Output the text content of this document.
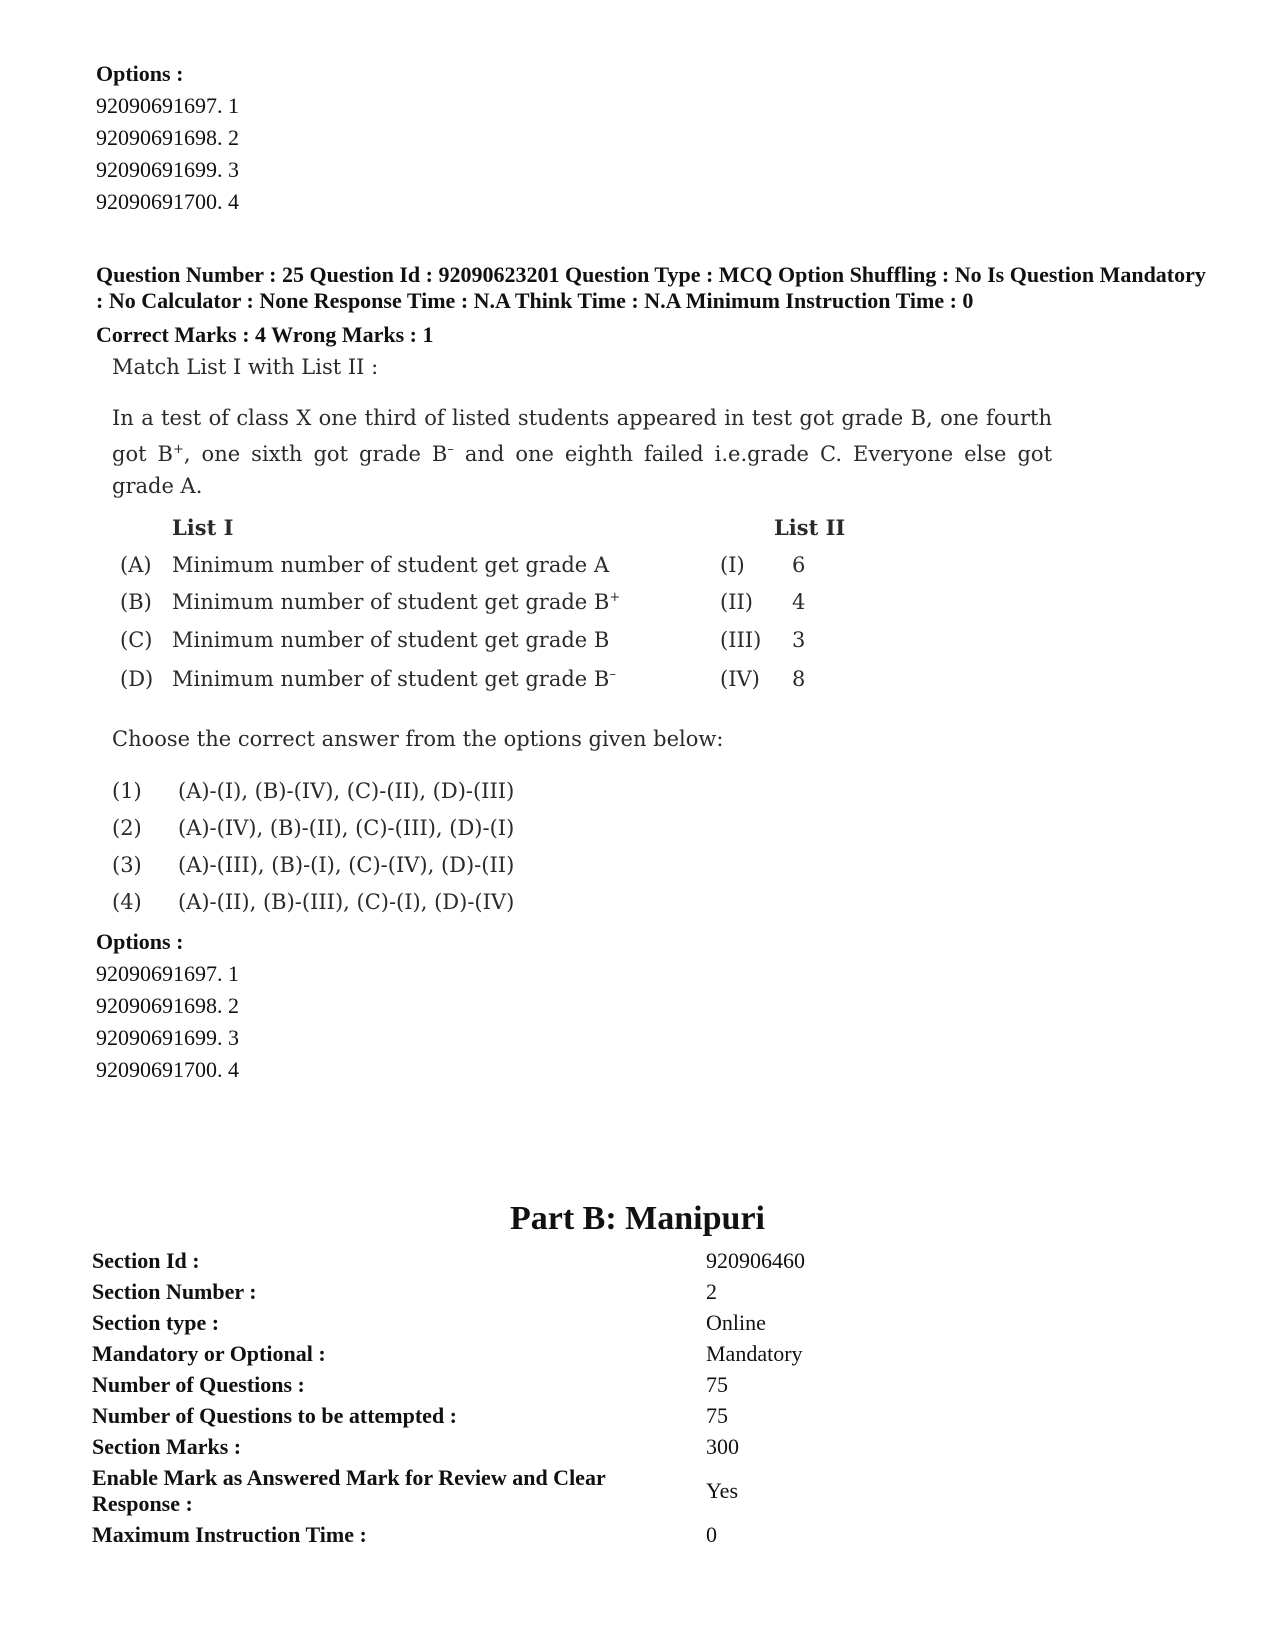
Options :
92090691697. 1
92090691698. 2
92090691699. 3
92090691700. 4
Question Number : 25 Question Id : 92090623201 Question Type : MCQ Option Shuffling : No Is Question Mandatory : No Calculator : None Response Time : N.A Think Time : N.A Minimum Instruction Time : 0
Correct Marks : 4 Wrong Marks : 1
Match List I with List II :
In a test of class X one third of listed students appeared in test got grade B, one fourth got B+, one sixth got grade B– and one eighth failed i.e.grade C. Everyone else got grade A.
List I	List II
(A) Minimum number of student get grade A	(I) 6
(B) Minimum number of student get grade B+	(II) 4
(C) Minimum number of student get grade B	(III) 3
(D) Minimum number of student get grade B–	(IV) 8
Choose the correct answer from the options given below:
(1) (A)-(I), (B)-(IV), (C)-(II), (D)-(III)
(2) (A)-(IV), (B)-(II), (C)-(III), (D)-(I)
(3) (A)-(III), (B)-(I), (C)-(IV), (D)-(II)
(4) (A)-(II), (B)-(III), (C)-(I), (D)-(IV)
Options :
92090691697. 1
92090691698. 2
92090691699. 3
92090691700. 4
Part B: Manipuri
Section Id :	920906460
Section Number :	2
Section type :	Online
Mandatory or Optional :	Mandatory
Number of Questions :	75
Number of Questions to be attempted :	75
Section Marks :	300
Enable Mark as Answered Mark for Review and Clear Response :
Yes
Maximum Instruction Time :	0
